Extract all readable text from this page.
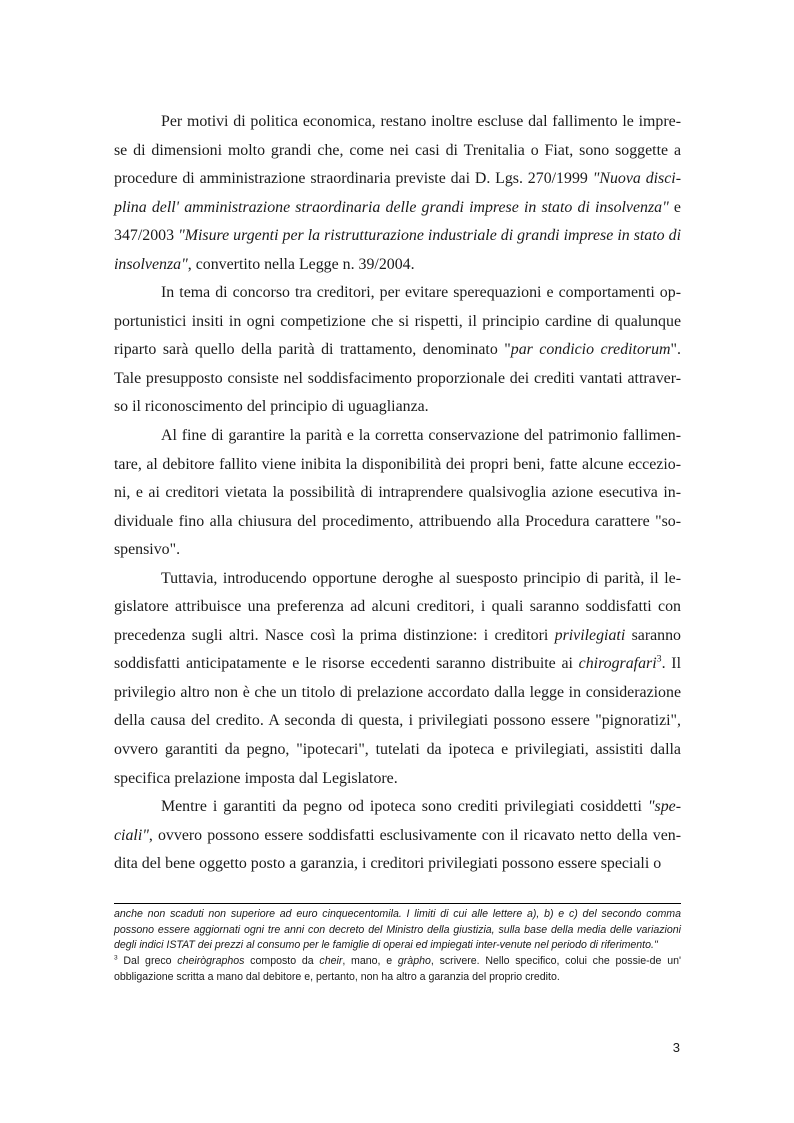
Per motivi di politica economica, restano inoltre escluse dal fallimento le impre-se di dimensioni molto grandi che, come nei casi di Trenitalia o Fiat, sono soggette a procedure di amministrazione straordinaria previste dai D. Lgs. 270/1999 "Nuova disci-plina dell' amministrazione straordinaria delle grandi imprese in stato di insolvenza" e 347/2003 "Misure urgenti per la ristrutturazione industriale di grandi imprese in stato di insolvenza", convertito nella Legge n. 39/2004.

In tema di concorso tra creditori, per evitare sperequazioni e comportamenti op-portunistici insiti in ogni competizione che si rispetti, il principio cardine di qualunque riparto sarà quello della parità di trattamento, denominato "par condicio creditorum". Tale presupposto consiste nel soddisfacimento proporzionale dei crediti vantati attraver-so il riconoscimento del principio di uguaglianza.

Al fine di garantire la parità e la corretta conservazione del patrimonio fallimen-tare, al debitore fallito viene inibita la disponibilità dei propri beni, fatte alcune eccezio-ni, e ai creditori vietata la possibilità di intraprendere qualsivoglia azione esecutiva in-dividuale fino alla chiusura del procedimento, attribuendo alla Procedura carattere "so-spensivo".

Tuttavia, introducendo opportune deroghe al suesposto principio di parità, il le-gislatore attribuisce una preferenza ad alcuni creditori, i quali saranno soddisfatti con precedenza sugli altri. Nasce così la prima distinzione: i creditori privilegiati saranno soddisfatti anticipatamente e le risorse eccedenti saranno distribuite ai chirografari$^3$. Il privilegio altro non è che un titolo di prelazione accordato dalla legge in considerazione della causa del credito. A seconda di questa, i privilegiati possono essere "pignoratizi", ovvero garantiti da pegno, "ipotecari", tutelati da ipoteca e privilegiati, assistiti dalla specifica prelazione imposta dal Legislatore.

Mentre i garantiti da pegno od ipoteca sono crediti privilegiati cosiddetti "spe-ciali", ovvero possono essere soddisfatti esclusivamente con il ricavato netto della ven-dita del bene oggetto posto a garanzia, i creditori privilegiati possono essere speciali o

anche non scaduti non superiore ad euro cinquecentomila. I limiti di cui alle lettere a), b) e c) del secondo comma possono essere aggiornati ogni tre anni con decreto del Ministro della giustizia, sulla base della media delle variazioni degli indici ISTAT dei prezzi al consumo per le famiglie di operai ed impiegati inter-venute nel periodo di riferimento."

$^3$ Dal greco cheirògraphos composto da cheir, mano, e gràpho, scrivere. Nello specifico, colui che possie-de un' obbligazione scritta a mano dal debitore e, pertanto, non ha altro a garanzia del proprio credito.

3
